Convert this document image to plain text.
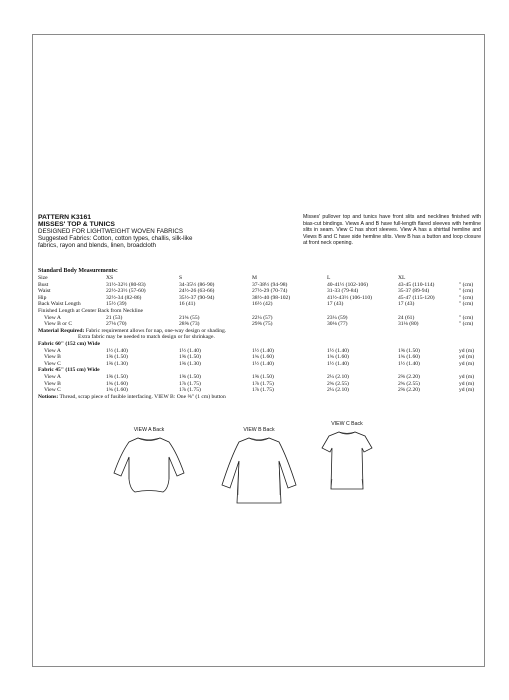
PATTERN K3161
MISSES' TOP & TUNICS
DESIGNED FOR LIGHTWEIGHT WOVEN FABRICS
Suggested Fabrics: Cotton, cotton types, challis, silk-like
fabrics, rayon and blends, linen, broadcloth
Misses' pullover top and tunics have front slits and necklines finished with bias-cut bindings. Views A and B have full-length flared sleeves with hemline slits in seam. View C has short sleeves. View A has a shirttail hemline and Views B and C have side hemline slits. View B has a button and loop closure at front neck opening.
Standard Body Measurements:
Size	XS	S	M	L	XL
Bust	31½-32½ (80-83)	34-35½ (86-90)	37-38½ (94-98)	40-41½ (102-106)	43-45 (110-114)	" (cm)
Waist	22½-23½ (57-60)	24½-26 (63-66)	27½-29 (70-74)	31-33 (79-84)	35-37 (89-94)	" (cm)
Hip	32½-34 (82-86)	35½-37 (90-94)	38½-40 (98-102)	41½-43½ (106-110)	45-47 (115-120)	" (cm)
Back Waist Length	15½ (39)	16 (41)	16½ (42)	17 (43)	17 (43)	" (cm)
Finished Length at Center Back from Neckline
View A	21 (53)	21¾ (55)	22¼ (57)	23¼ (59)	24 (61)	" (cm)
View B or C	27⅛ (70)	28⅝ (73)	29⅝ (75)	30⅛ (77)	31⅛ (80)	" (cm)
Material Required: Fabric requirement allows for nap, one-way design or shading.
Extra fabric may be needed to match design or for shrinkage.
Fabric 60" (152 cm) Wide
View A	1½ (1.40)	1½ (1.40)	1½ (1.40)	1½ (1.40)	1⅝ (1.50)	yd (m)
View B	1⅝ (1.50)	1⅝ (1.50)	1¾ (1.60)	1¾ (1.60)	1¾ (1.60)	yd (m)
View C	1⅜ (1.30)	1⅜ (1.30)	1½ (1.40)	1½ (1.40)	1½ (1.40)	yd (m)
Fabric 45" (115 cm) Wide
View A	1⅝ (1.50)	1⅝ (1.50)	1⅝ (1.50)	2¼ (2.10)	2⅜ (2.20)	yd (m)
View B	1¾ (1.60)	1⅞ (1.75)	1⅞ (1.75)	2¾ (2.55)	2¾ (2.55)	yd (m)
View C	1¾ (1.60)	1⅞ (1.75)	1⅞ (1.75)	2¼ (2.10)	2⅜ (2.20)	yd (m)
Notions: Thread, scrap piece of fusible interfacing. VIEW B: One ⅝" (1 cm) button
VIEW A Back	VIEW B Back
VIEW C Back
